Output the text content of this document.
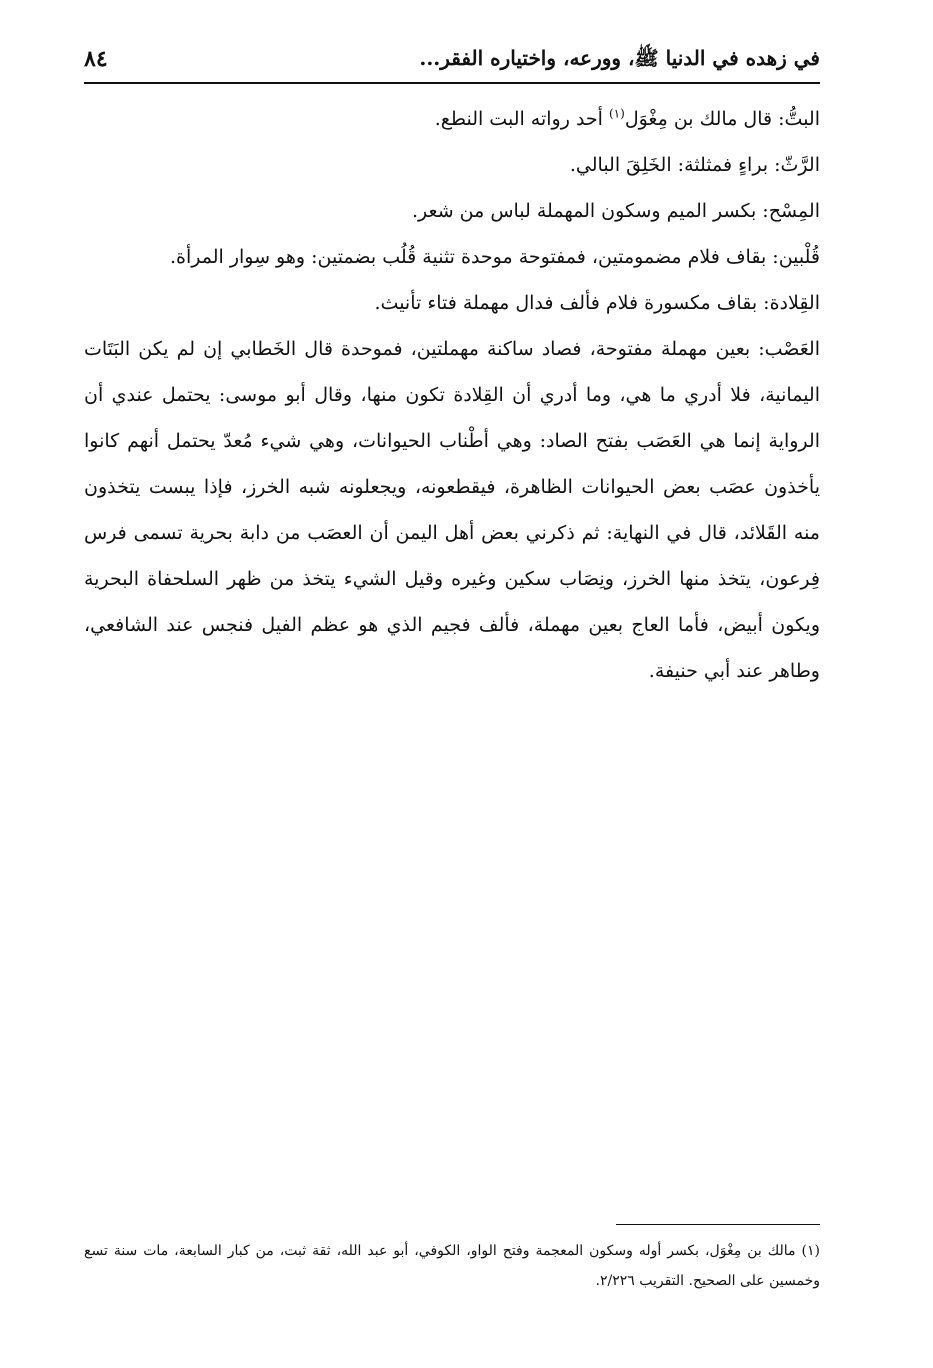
في زهده في الدنيا ﷺ، وورعه، واختياره الفقر...
٨٤

البتُّ: قال مالك بن مِغْوَل$^{(١)}$ أحد رواته البت النطع.

الرَّثّ: براءٍ فمثلثة: الخَلِقَ البالي.

المِسْح: بكسر الميم وسكون المهملة لباس من شعر.

قُلْبين: بقاف فلام مضمومتين، فمفتوحة موحدة تثنية قُلُب بضمتين: وهو سِوار المرأة.

القِلادة: بقاف مكسورة فلام فألف فدال مهملة فتاء تأنيث.

العَصْب: بعين مهملة مفتوحة، فصاد ساكنة مهملتين، فموحدة قال الخَطابي إن لم يكن البَتَات اليمانية، فلا أدري ما هي، وما أدري أن القِلادة تكون منها، وقال أبو موسى: يحتمل عندي أن الرواية إنما هي العَصَب بفتح الصاد: وهي أطْناب الحيوانات، وهي شيء مُعدّ يحتمل أنهم كانوا يأخذون عصَب بعض الحيوانات الظاهرة، فيقطعونه، ويجعلونه شبه الخرز، فإذا يبست يتخذون منه القَلائد، قال في النهاية: ثم ذكرني بعض أهل اليمن أن العصَب من دابة بحرية تسمى فرس فِرعون، يتخذ منها الخرز، ونِصَاب سكين وغيره وقيل الشيء يتخذ من ظهر السلحفاة البحرية ويكون أبيض، فأما العاج بعين مهملة، فألف فجيم الذي هو عظم الفيل فنجس عند الشافعي، وطاهر عند أبي حنيفة.

(١) مالك بن مِغْوَل، بكسر أوله وسكون المعجمة وفتح الواو، الكوفي، أبو عبد الله، ثقة ثبت، من كبار السابعة، مات سنة تسع وخمسين على الصحيح. التقريب ٢/٢٢٦.
